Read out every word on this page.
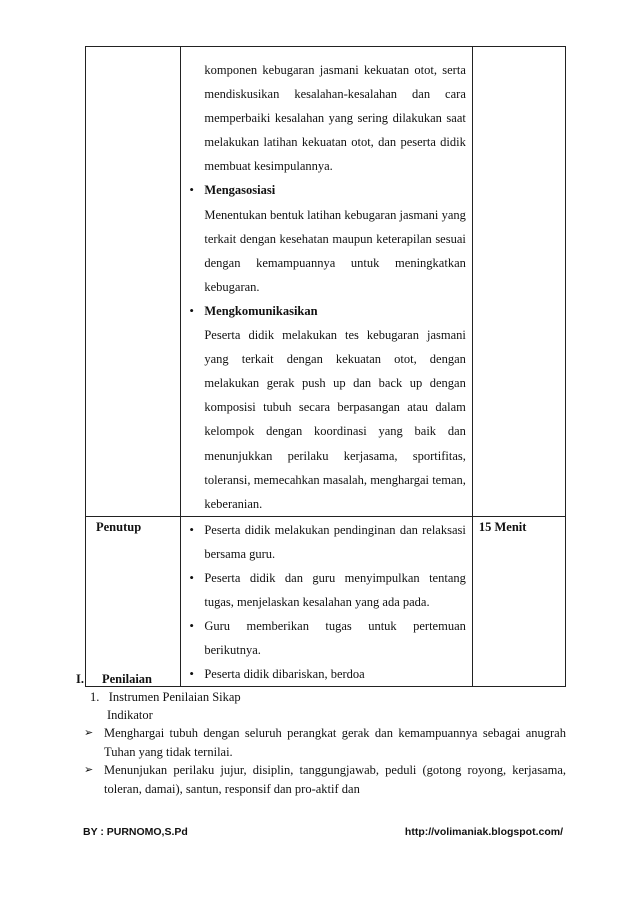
	komponen kebugaran jasmani kekuatan otot, serta mendiskusikan kesalahan-kesalahan dan cara memperbaiki kesalahan yang sering dilakukan saat melakukan latihan kekuatan otot, dan peserta didik membuat kesimpulannya.
• Mengasosiasi
Menentukan bentuk latihan kebugaran jasmani yang terkait dengan kesehatan maupun keterapilan sesuai dengan kemampuannya untuk meningkatkan kebugaran.
• Mengkomunikasikan
Peserta didik melakukan tes kebugaran jasmani yang terkait dengan kekuatan otot, dengan melakukan gerak push up dan back up dengan komposisi tubuh secara berpasangan atau dalam kelompok dengan koordinasi yang baik dan menunjukkan perilaku kerjasama, sportifitas, toleransi, memecahkan masalah, menghargai teman, keberanian.

Penutup	• Peserta didik melakukan pendinginan dan relaksasi bersama guru.
• Peserta didik dan guru menyimpulkan tentang tugas, menjelaskan kesalahan yang ada pada.
• Guru memberikan tugas untuk pertemuan berikutnya.
• Peserta didik dibariskan, berdoa	15 Menit
I.	Penilaian
1.   Instrumen Penilaian Sikap
Indikator
➢ Menghargai tubuh dengan seluruh perangkat gerak dan kemampuannya sebagai anugrah Tuhan yang tidak ternilai.
➢ Menunjukan perilaku jujur, disiplin, tanggungjawab, peduli (gotong royong, kerjasama, toleran, damai), santun, responsif dan pro-aktif dan
BY : PURNOMO,S.Pd	http://volimaniak.blogspot.com/
